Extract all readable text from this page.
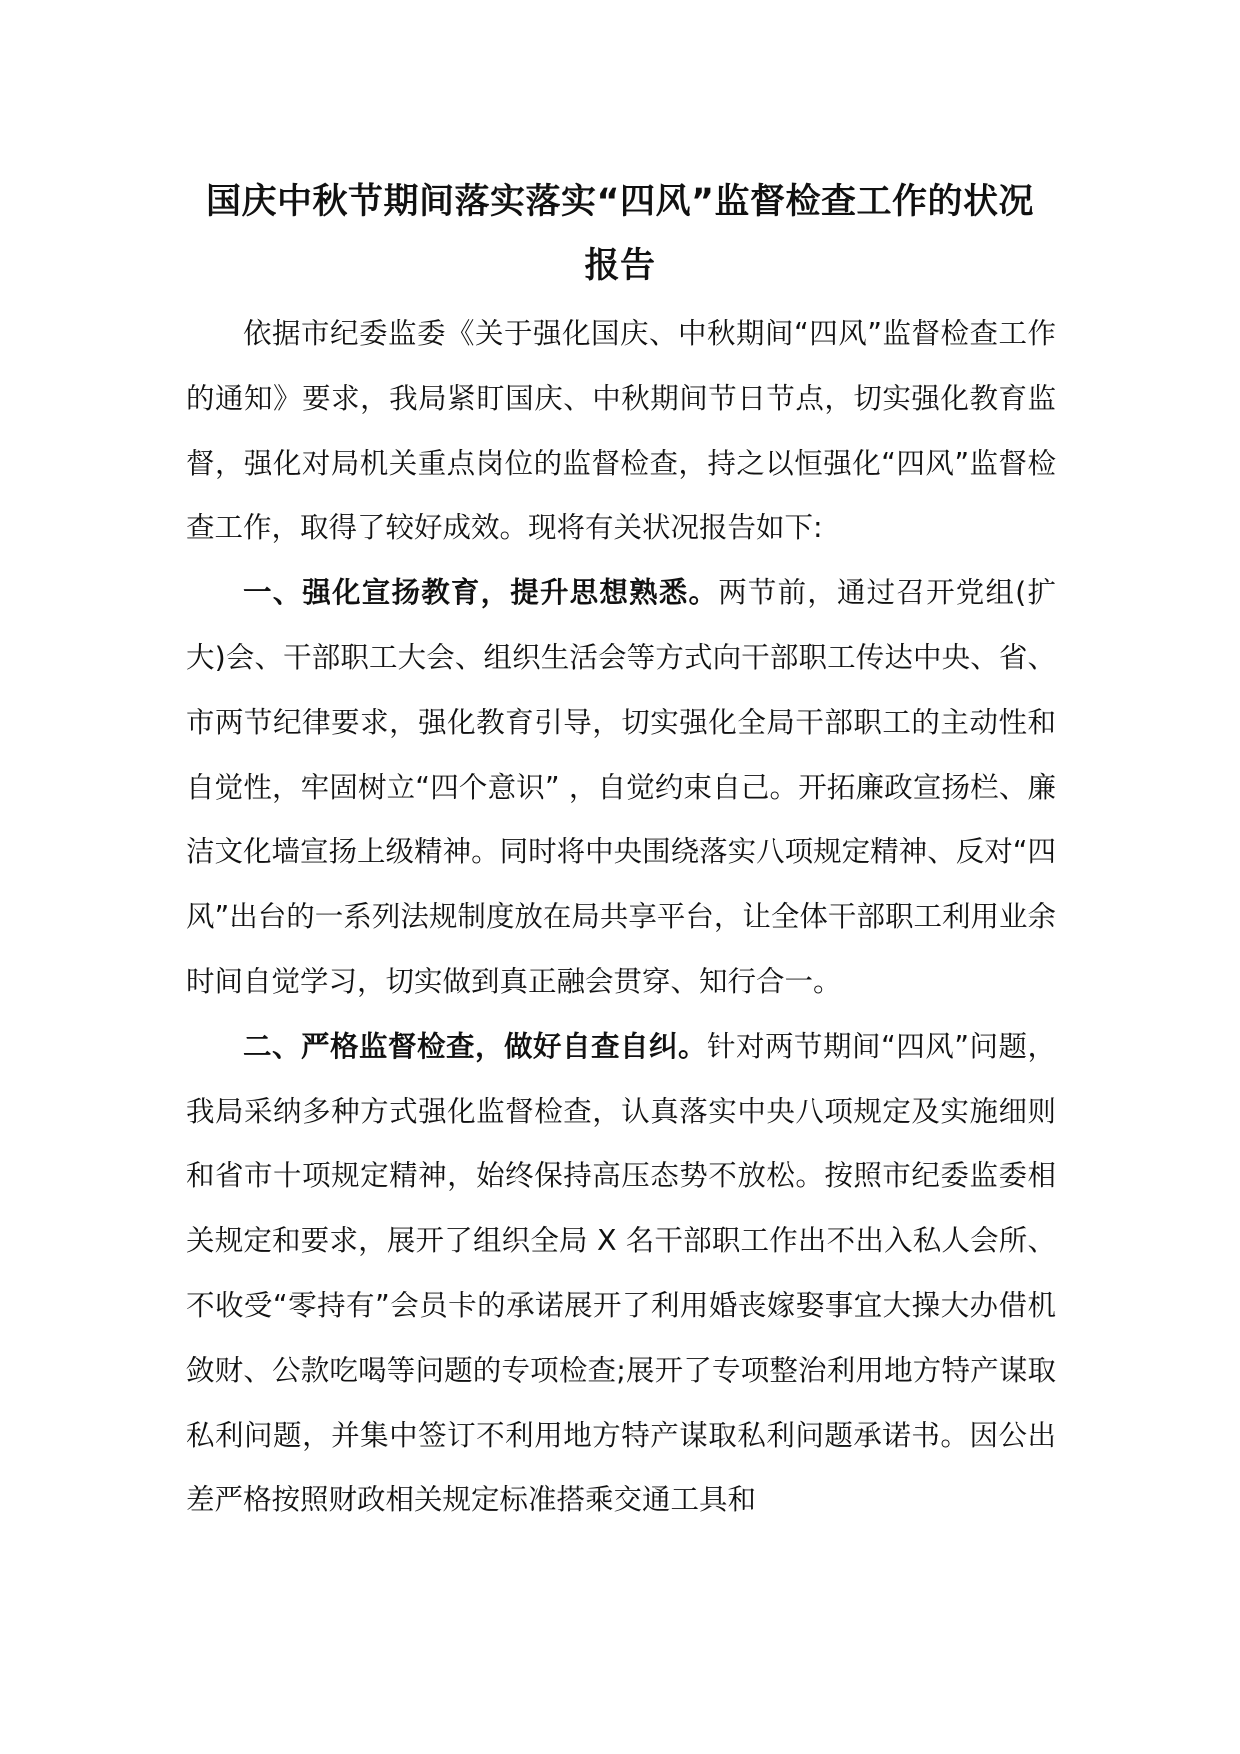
国庆中秋节期间落实落实“四风”监督检查工作的状况报告

依据市纪委监委《关于强化国庆、中秋期间“四风”监督检查工作的通知》要求，我局紧盯国庆、中秋期间节日节点，切实强化教育监督，强化对局机关重点岗位的监督检查，持之以恒强化“四风”监督检查工作，取得了较好成效。现将有关状况报告如下:

一、强化宣扬教育，提升思想熟悉。两节前，通过召开党组(扩大)会、干部职工大会、组织生活会等方式向干部职工传达中央、省、市两节纪律要求，强化教育引导，切实强化全局干部职工的主动性和自觉性，牢固树立“四个意识” ，自觉约束自己。开拓廉政宣扬栏、廉洁文化墙宣扬上级精神。同时将中央围绕落实八项规定精神、反对“四风”出台的一系列法规制度放在局共享平台，让全体干部职工利用业余时间自觉学习，切实做到真正融会贯穿、知行合一。

二、严格监督检查，做好自查自纠。针对两节期间“四风”问题，我局采纳多种方式强化监督检查，认真落实中央八项规定及实施细则和省市十项规定精神，始终保持高压态势不放松。按照市纪委监委相关规定和要求，展开了组织全局 X 名干部职工作出不出入私人会所、不收受“零持有”会员卡的承诺展开了利用婚丧嫁娶事宜大操大办借机敛财、公款吃喝等问题的专项检查;展开了专项整治利用地方特产谋取私利问题，并集中签订不利用地方特产谋取私利问题承诺书。因公出差严格按照财政相关规定标准搭乘交通工具和
